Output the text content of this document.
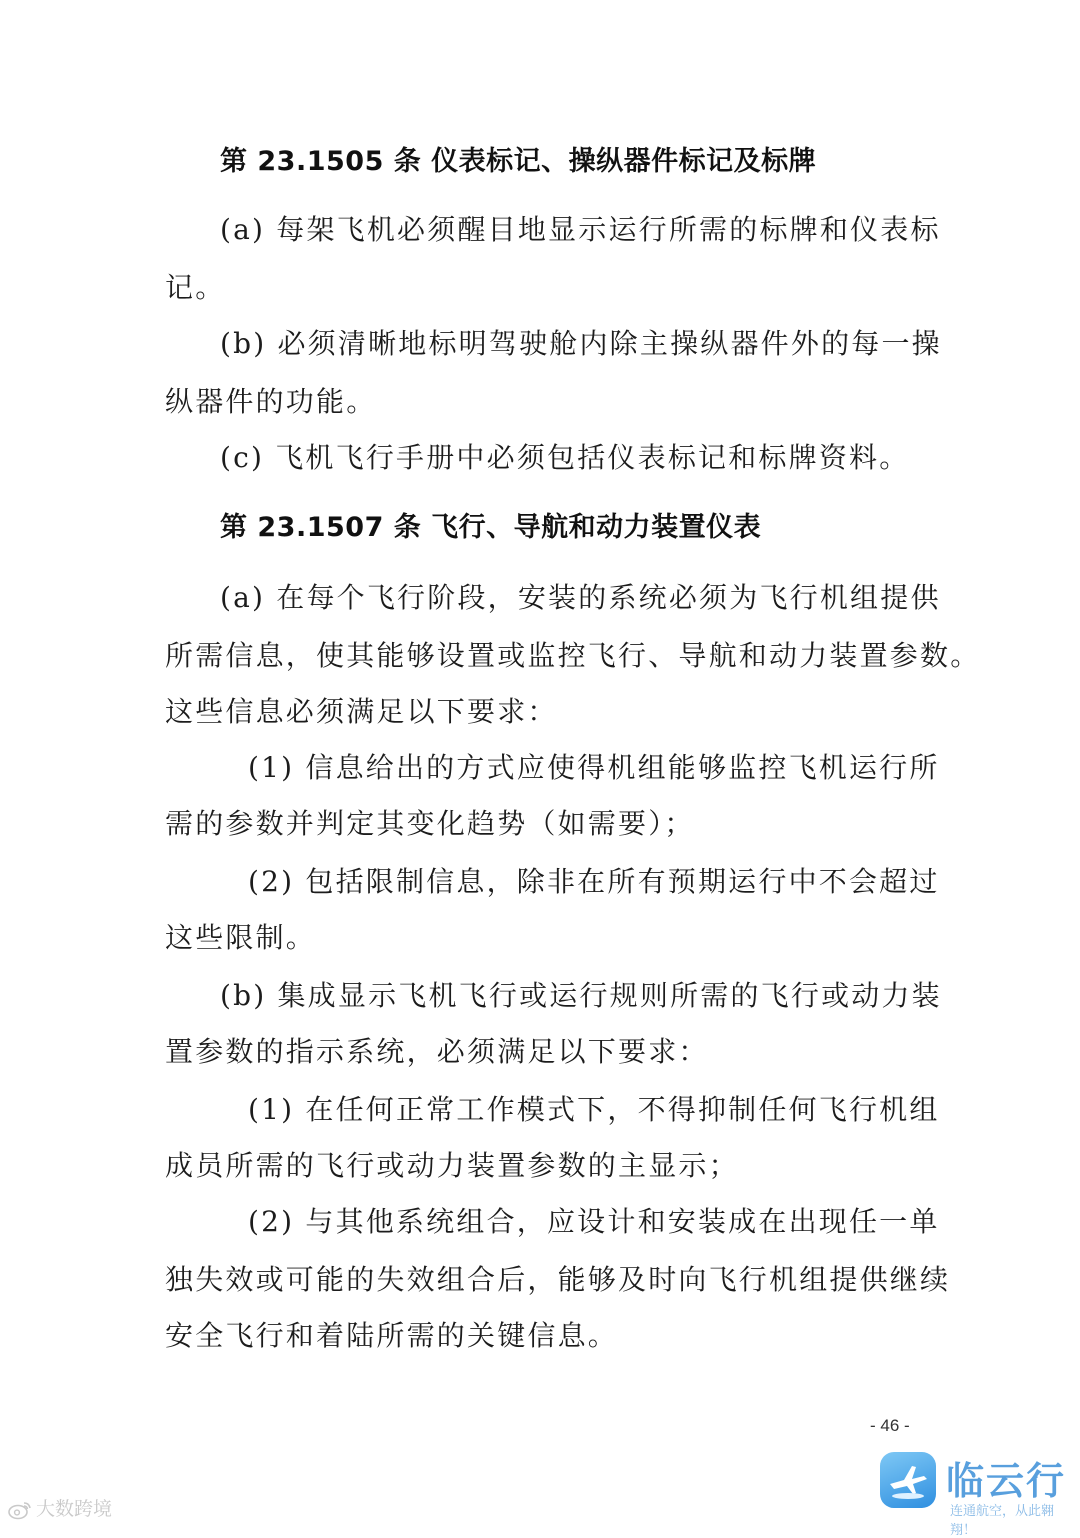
第 23.1505 条 仪表标记、操纵器件标记及标牌
(a) 每架飞机必须醒目地显示运行所需的标牌和仪表标
记。
(b) 必须清晰地标明驾驶舱内除主操纵器件外的每一操
纵器件的功能。
(c) 飞机飞行手册中必须包括仪表标记和标牌资料。
第 23.1507 条 飞行、导航和动力装置仪表
(a) 在每个飞行阶段，安装的系统必须为飞行机组提供
所需信息，使其能够设置或监控飞行、导航和动力装置参数。
这些信息必须满足以下要求：
(1) 信息给出的方式应使得机组能够监控飞机运行所
需的参数并判定其变化趋势（如需要）；
(2) 包括限制信息，除非在所有预期运行中不会超过
这些限制。
(b) 集成显示飞机飞行或运行规则所需的飞行或动力装
置参数的指示系统，必须满足以下要求：
(1) 在任何正常工作模式下，不得抑制任何飞行机组
成员所需的飞行或动力装置参数的主显示；
(2) 与其他系统组合，应设计和安装成在出现任一单
独失效或可能的失效组合后，能够及时向飞行机组提供继续
安全飞行和着陆所需的关键信息。
- 46 -
临云行
连通航空，从此翱翔！
大数跨境
